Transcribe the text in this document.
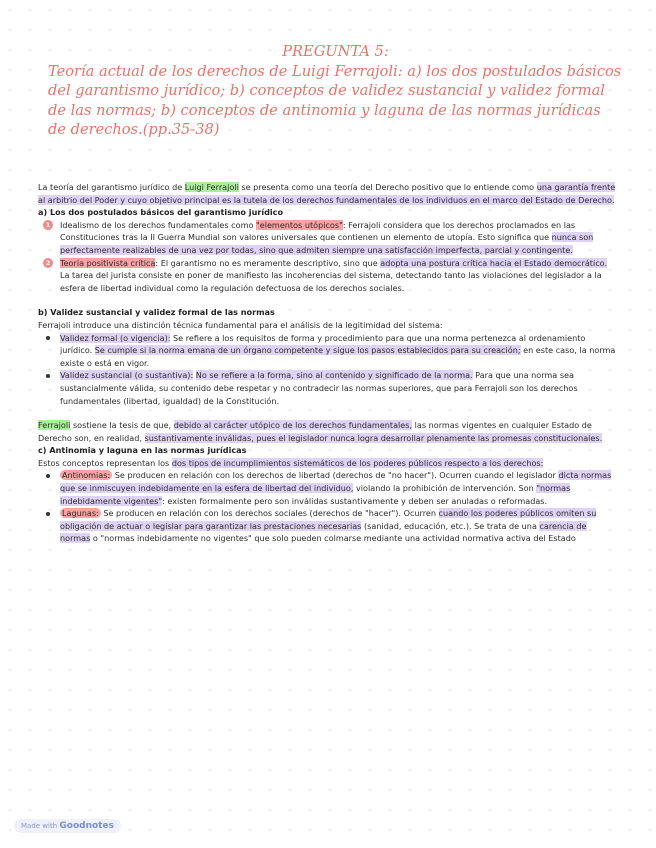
PREGUNTA 5:
Teoría actual de los derechos de Luigi Ferrajoli: a) los dos postulados básicos del garantismo jurídico; b) conceptos de validez sustancial y validez formal de las normas; b) conceptos de antinomia y laguna de las normas jurídicas de derechos.(pp.35-38)

La teoría del garantismo jurídico de Luigi Ferrajoli se presenta como una teoría del Derecho positivo que lo entiende como una garantía frente al arbitrio del Poder y cuyo objetivo principal es la tutela de los derechos fundamentales de los individuos en el marco del Estado de Derecho.

a) Los dos postulados básicos del garantismo jurídico

1	Idealismo de los derechos fundamentales como "elementos utópicos": Ferrajoli considera que los derechos proclamados en las Constituciones tras la II Guerra Mundial son valores universales que contienen un elemento de utopía. Esto significa que nunca son perfectamente realizables de una vez por todas, sino que admiten siempre una satisfacción imperfecta, parcial y contingente.
2	Teoría positivista crítica: El garantismo no es meramente descriptivo, sino que adopta una postura crítica hacia el Estado democrático. La tarea del jurista consiste en poner de manifiesto las incoherencias del sistema, detectando tanto las violaciones del legislador a la esfera de libertad individual como la regulación defectuosa de los derechos sociales.

b) Validez sustancial y validez formal de las normas

Ferrajoli introduce una distinción técnica fundamental para el análisis de la legitimidad del sistema:

Validez formal (o vigencia): Se refiere a los requisitos de forma y procedimiento para que una norma pertenezca al ordenamiento jurídico. Se cumple si la norma emana de un órgano competente y sigue los pasos establecidos para su creación; en este caso, la norma existe o está en vigor.
Validez sustancial (o sustantiva): No se refiere a la forma, sino al contenido y significado de la norma. Para que una norma sea sustancialmente válida, su contenido debe respetar y no contradecir las normas superiores, que para Ferrajoli son los derechos fundamentales (libertad, igualdad) de la Constitución.

Ferrajoli sostiene la tesis de que, debido al carácter utópico de los derechos fundamentales, las normas vigentes en cualquier Estado de Derecho son, en realidad, sustantivamente inválidas, pues el legislador nunca logra desarrollar plenamente las promesas constitucionales.

c) Antinomia y laguna en las normas jurídicas

Estos conceptos representan los dos tipos de incumplimientos sistemáticos de los poderes públicos respecto a los derechos:

Antinomias: Se producen en relación con los derechos de libertad (derechos de "no hacer"). Ocurren cuando el legislador dicta normas que se inmiscuyen indebidamente en la esfera de libertad del individuo, violando la prohibición de intervención. Son "normas indebidamente vigentes": existen formalmente pero son inválidas sustantivamente y deben ser anuladas o reformadas.
Lagunas: Se producen en relación con los derechos sociales (derechos de "hacer"). Ocurren cuando los poderes públicos omiten su obligación de actuar o legislar para garantizar las prestaciones necesarias (sanidad, educación, etc.). Se trata de una carencia de normas o "normas indebidamente no vigentes" que solo pueden colmarse mediante una actividad normativa activa del Estado
Made with Goodnotes
